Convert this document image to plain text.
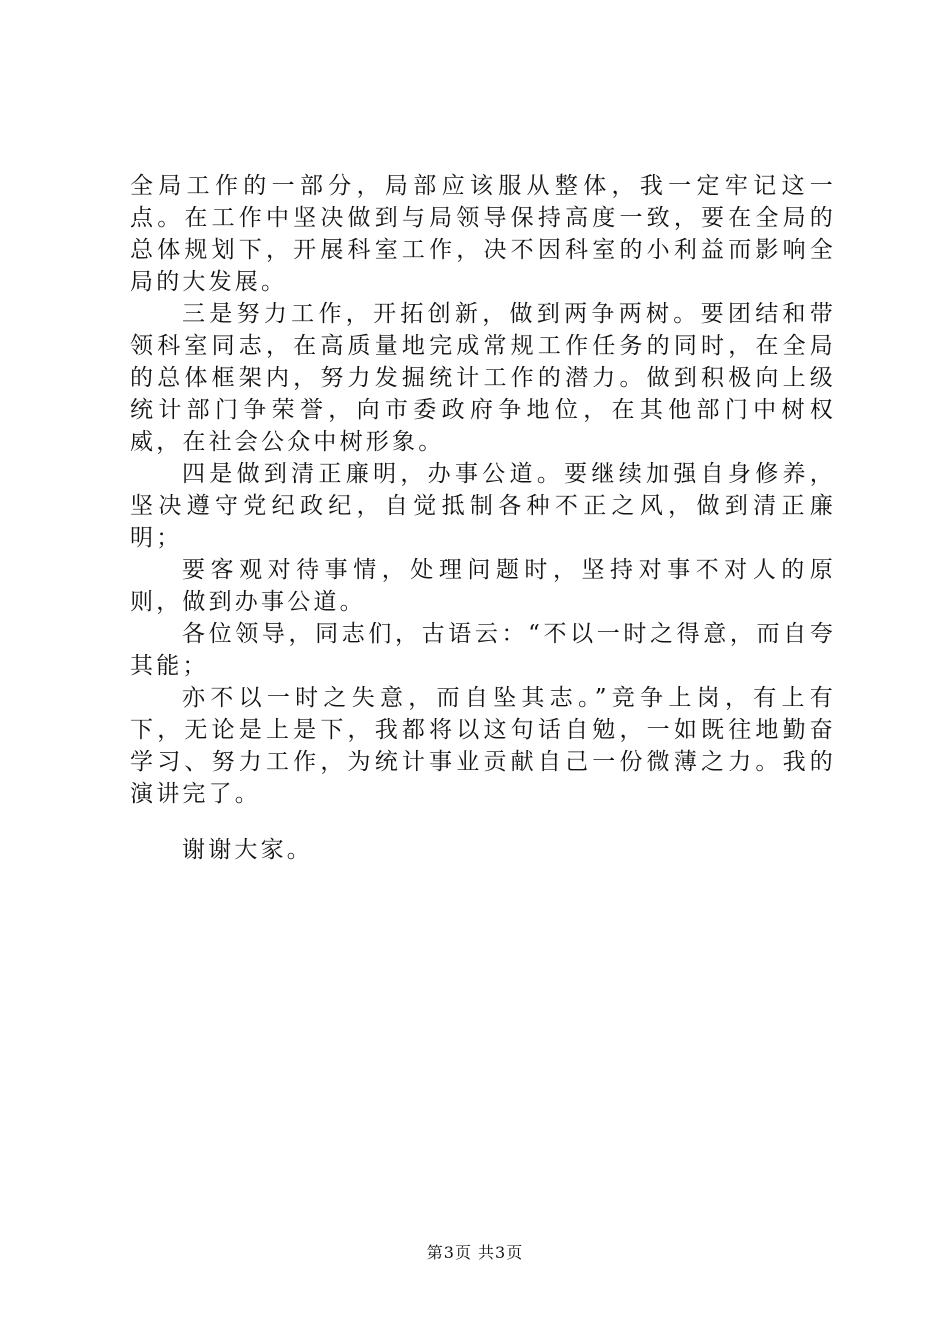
全局工作的一部分，局部应该服从整体，我一定牢记这一点。在工作中坚决做到与局领导保持高度一致，要在全局的总体规划下，开展科室工作，决不因科室的小利益而影响全局的大发展。

三是努力工作，开拓创新，做到两争两树。要团结和带领科室同志，在高质量地完成常规工作任务的同时，在全局的总体框架内，努力发掘统计工作的潜力。做到积极向上级统计部门争荣誉，向市委政府争地位，在其他部门中树权威，在社会公众中树形象。

四是做到清正廉明，办事公道。要继续加强自身修养，坚决遵守党纪政纪，自觉抵制各种不正之风，做到清正廉明；

要客观对待事情，处理问题时，坚持对事不对人的原则，做到办事公道。

各位领导，同志们，古语云：“不以一时之得意，而自夸其能；

亦不以一时之失意，而自坠其志。”竞争上岗，有上有下，无论是上是下，我都将以这句话自勉，一如既往地勤奋学习、努力工作，为统计事业贡献自己一份微薄之力。我的演讲完了。

谢谢大家。

第3页 共3页
